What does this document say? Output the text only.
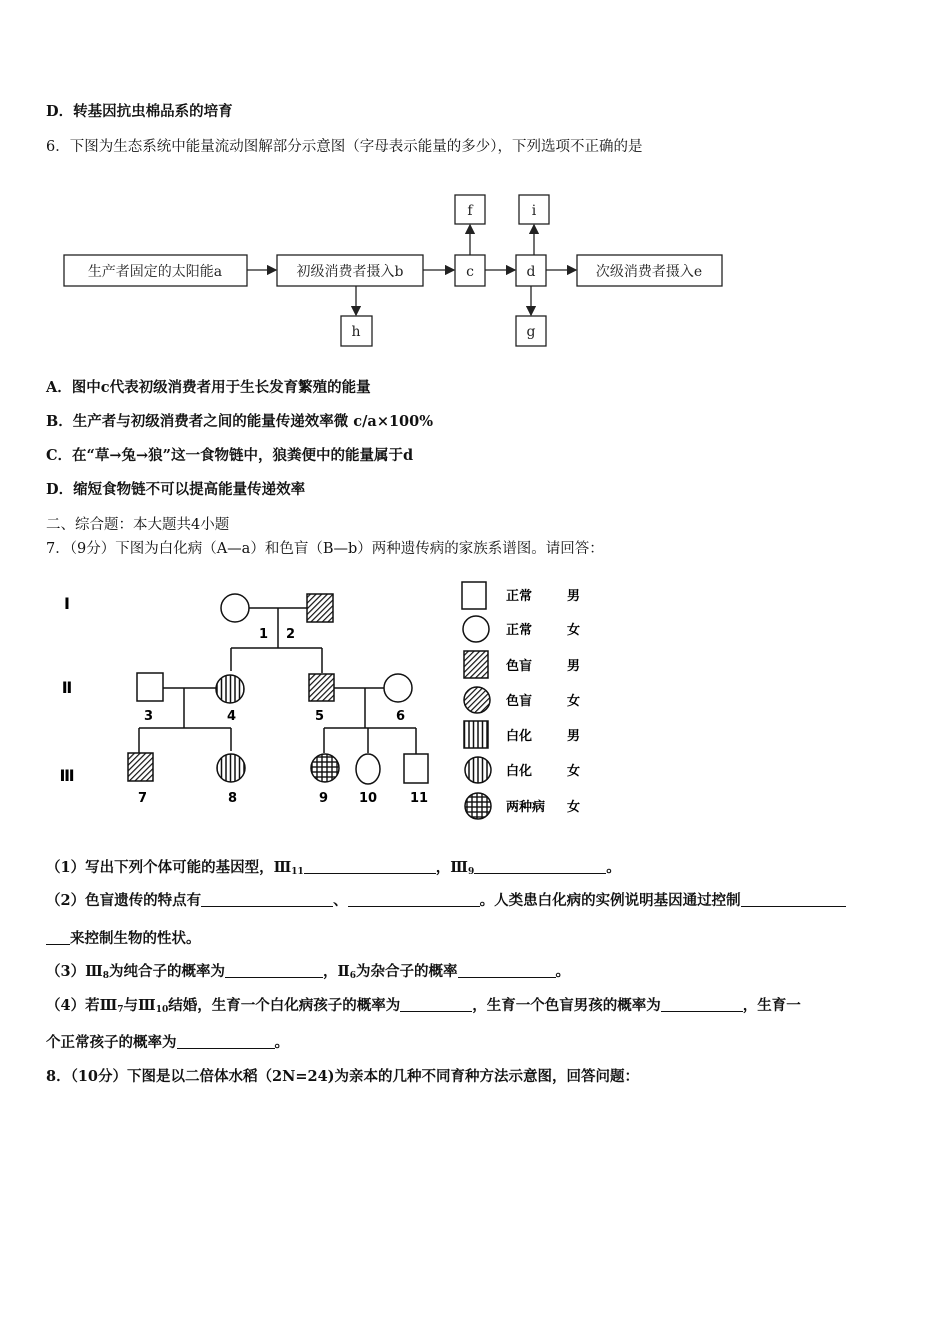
D．转基因抗虫棉品系的培育
6．下图为生态系统中能量流动图解部分示意图（字母表示能量的多少），下列选项不正确的是
生产者固定的太阳能a	初级消费者摄入b	c	d	次级消费者摄入e
f	i
h	g
A．图中c代表初级消费者用于生长发育繁殖的能量
B．生产者与初级消费者之间的能量传递效率微 c/a×100%
C．在“草→兔→狼”这一食物链中，狼粪便中的能量属于d
D．缩短食物链不可以提高能量传递效率
二、综合题：本大题共4小题
7．（9分）下图为白化病（A—a）和色盲（B—b）两种遗传病的家族系谱图。请回答：
Ⅰ
Ⅱ
Ⅲ
1 2
3	4	5	6
7	8	9 10	11
正常	男
正常	女
色盲	男
色盲	女
白化	男
白化	女
两种病 女
（1）写出下列个体可能的基因型，$Ⅲ_{11}$	，$Ⅲ_9$	。
（2）色盲遗传的特点有	、	。人类患白化病的实例说明基因通过控制
来控制生物的性状。
$(3)Ⅲ_8$为纯合子的概率为	，$Ⅱ_6$为杂合子的概率	。
（4）若$Ⅲ_7$与$Ⅲ_{10}$结婚，生育一个白化病孩子的概率为	，生育一个色盲男孩的概率为	，生育一
个正常孩子的概率为	。
8．（10分）下图是以二倍体水稻（2N=24)为亲本的几种不同育种方法示意图，回答问题：
